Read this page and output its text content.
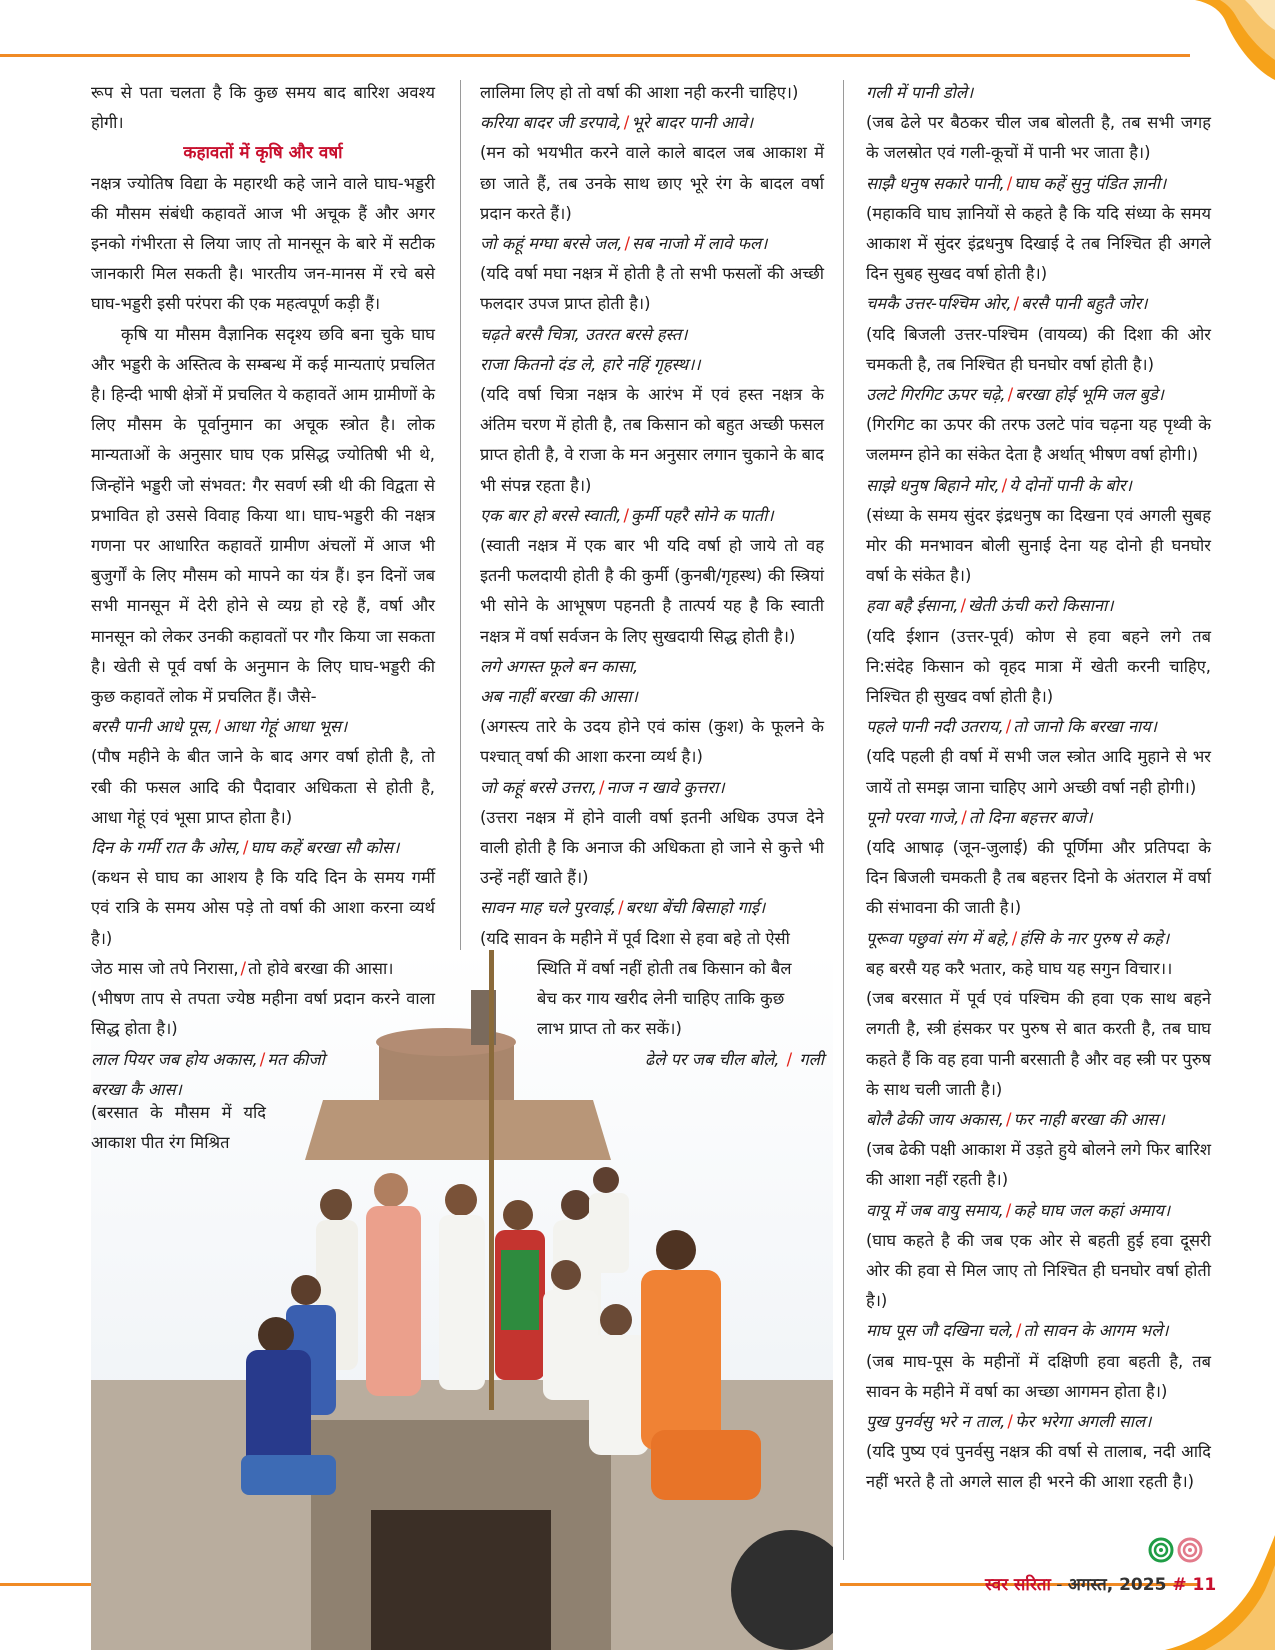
रूप से पता चलता है कि कुछ समय बाद बारिश अवश्य होगी।

कहावतों में कृषि और वर्षा

नक्षत्र ज्योतिष विद्या के महारथी कहे जाने वाले घाघ-भड्डरी की मौसम संबंधी कहावतें आज भी अचूक हैं और अगर इनको गंभीरता से लिया जाए तो मानसून के बारे में सटीक जानकारी मिल सकती है। भारतीय जन-मानस में रचे बसे घाघ-भड्डरी इसी परंपरा की एक महत्वपूर्ण कड़ी हैं।

कृषि या मौसम वैज्ञानिक सदृश्य छवि बना चुके घाघ और भड्डरी के अस्तित्व के सम्बन्ध में कई मान्यताएं प्रचलित है। हिन्दी भाषी क्षेत्रों में प्रचलित ये कहावतें आम ग्रामीणों के लिए मौसम के पूर्वानुमान का अचूक स्त्रोत है। लोक मान्यताओं के अनुसार घाघ एक प्रसिद्ध ज्योतिषी भी थे, जिन्होंने भड्डरी जो संभवत: गैर सवर्ण स्त्री थी की विद्वता से प्रभावित हो उससे विवाह किया था। घाघ-भड्डरी की नक्षत्र गणना पर आधारित कहावतें ग्रामीण अंचलों में आज भी बुजुर्गों के लिए मौसम को मापने का यंत्र हैं। इन दिनों जब सभी मानसून में देरी होने से व्यग्र हो रहे हैं, वर्षा और मानसून को लेकर उनकी कहावतों पर गौर किया जा सकता है। खेती से पूर्व वर्षा के अनुमान के लिए घाघ-भड्डरी की कुछ कहावतें लोक में प्रचलित हैं। जैसे-

बरसै पानी आधे पूस, / आधा गेहूं आधा भूस।

(पौष महीने के बीत जाने के बाद अगर वर्षा होती है, तो रबी की फसल आदि की पैदावार अधिकता से होती है, आधा गेहूं एवं भूसा प्राप्त होता है।)

दिन के गर्मी रात कै ओस, / घाघ कहें बरखा सौ कोस।

(कथन से घाघ का आशय है कि यदि दिन के समय गर्मी एवं रात्रि के समय ओस पड़े तो वर्षा की आशा करना व्यर्थ है।)

जेठ मास जो तपे निरासा, / तो होवे बरखा की आसा।

(भीषण ताप से तपता ज्येष्ठ महीना वर्षा प्रदान करने वाला सिद्ध होता है।)

लाल पियर जब होय अकास, / मत कीजो

बरखा कै आस।

(बरसात के मौसम में यदि आकाश पीत रंग मिश्रित

लालिमा लिए हो तो वर्षा की आशा नही करनी चाहिए।)

करिया बादर जी डरपावे, / भूरे बादर पानी आवे।

(मन को भयभीत करने वाले काले बादल जब आकाश में छा जाते हैं, तब उनके साथ छाए भूरे रंग के बादल वर्षा प्रदान करते हैं।)

जो कहूं मग्घा बरसे जल, / सब नाजो में लावे फल।

(यदि वर्षा मघा नक्षत्र में होती है तो सभी फसलों की अच्छी फलदार उपज प्राप्त होती है।)

चढ़ते बरसै चित्रा, उतरत बरसे हस्त।

राजा कितनो दंड ले, हारे नहिं गृहस्थ।।

(यदि वर्षा चित्रा नक्षत्र के आरंभ में एवं हस्त नक्षत्र के अंतिम चरण में होती है, तब किसान को बहुत अच्छी फसल प्राप्त होती है, वे राजा के मन अनुसार लगान चुकाने के बाद भी संपन्न रहता है।)

एक बार हो बरसे स्वाती, / कुर्मी पहरै सोने क पाती।

(स्वाती नक्षत्र में एक बार भी यदि वर्षा हो जाये तो वह इतनी फलदायी होती है की कुर्मी (कुनबी/गृहस्थ) की स्त्रियां भी सोने के आभूषण पहनती है तात्पर्य यह है कि स्वाती नक्षत्र में वर्षा सर्वजन के लिए सुखदायी सिद्ध होती है।)

लगे अगस्त फूले बन कासा,

अब नाहीं बरखा की आसा।

(अगस्त्य तारे के उदय होने एवं कांस (कुश) के फूलने के पश्चात् वर्षा की आशा करना व्यर्थ है।)

जो कहूं बरसे उत्तरा, / नाज न खावे कुत्तरा।

(उत्तरा नक्षत्र में होने वाली वर्षा इतनी अधिक उपज देने वाली होती है कि अनाज की अधिकता हो जाने से कुत्ते भी उन्हें नहीं खाते हैं।)

सावन माह चले पुरवाई, / बरधा बेंची बिसाहो गाई।

(यदि सावन के महीने में पूर्व दिशा से हवा बहे तो ऐसी

स्थिति में वर्षा नहीं होती तब किसान को बैल

बेच कर गाय खरीद लेनी चाहिए ताकि कुछ

लाभ प्राप्त तो कर सकें।)

ढेले पर जब चील बोले, / गली

गली में पानी डोले।

(जब ढेले पर बैठकर चील जब बोलती है, तब सभी जगह के जलस्रोत एवं गली-कूचों में पानी भर जाता है।)

साझै धनुष सकारे पानी, / घाघ कहें सुनु पंडित ज्ञानी।

(महाकवि घाघ ज्ञानियों से कहते है कि यदि संध्या के समय आकाश में सुंदर इंद्रधनुष दिखाई दे तब निश्चित ही अगले दिन सुबह सुखद वर्षा होती है।)

चमकै उत्तर-पश्चिम ओर, / बरसै पानी बहुतै जोर।

(यदि बिजली उत्तर-पश्चिम (वायव्य) की दिशा की ओर चमकती है, तब निश्चित ही घनघोर वर्षा होती है।)

उलटे गिरगिट ऊपर चढ़े, / बरखा होई भूमि जल बुडे।

(गिरगिट का ऊपर की तरफ उलटे पांव चढ़ना यह पृथ्वी के जलमग्न होने का संकेत देता है अर्थात् भीषण वर्षा होगी।)

साझे धनुष बिहाने मोर, / ये दोनों पानी के बोर।

(संध्या के समय सुंदर इंद्रधनुष का दिखना एवं अगली सुबह मोर की मनभावन बोली सुनाई देना यह दोनो ही घनघोर वर्षा के संकेत है।)

हवा बहै ईसाना, / खेती ऊंची करो किसाना।

(यदि ईशान (उत्तर-पूर्व) कोण से हवा बहने लगे तब नि:संदेह किसान को वृहद मात्रा में खेती करनी चाहिए, निश्चित ही सुखद वर्षा होती है।)

पहले पानी नदी उतराय, / तो जानो कि बरखा नाय।

(यदि पहली ही वर्षा में सभी जल स्त्रोत आदि मुहाने से भर जायें तो समझ जाना चाहिए आगे अच्छी वर्षा नही होगी।)

पूनो परवा गाजे, / तो दिना बहत्तर बाजे।

(यदि आषाढ़ (जून-जुलाई) की पूर्णिमा और प्रतिपदा के दिन बिजली चमकती है तब बहत्तर दिनो के अंतराल में वर्षा की संभावना की जाती है।)

पूरूवा पछुवां संग में बहे, / हंसि के नार पुरुष से कहे।

बह बरसै यह करै भतार, कहे घाघ यह सगुन विचार।।

(जब बरसात में पूर्व एवं पश्चिम की हवा एक साथ बहने लगती है, स्त्री हंसकर पर पुरुष से बात करती है, तब घाघ कहते हैं कि वह हवा पानी बरसाती है और वह स्त्री पर पुरुष के साथ चली जाती है।)

बोलै ढेकी जाय अकास, / फर नाही बरखा की आस।

(जब ढेकी पक्षी आकाश में उड़ते हुये बोलने लगे फिर बारिश की आशा नहीं रहती है।)

वायू में जब वायु समाय, / कहे घाघ जल कहां अमाय।

(घाघ कहते है की जब एक ओर से बहती हुई हवा दूसरी ओर की हवा से मिल जाए तो निश्चित ही घनघोर वर्षा होती है।)

माघ पूस जौ दखिना चले, / तो सावन के आगम भले।

(जब माघ-पूस के महीनों में दक्षिणी हवा बहती है, तब सावन के महीने में वर्षा का अच्छा आगमन होता है।)

पुख पुनर्वसु भरे न ताल, / फेर भरेगा अगली साल।

(यदि पुष्य एवं पुनर्वसु नक्षत्र की वर्षा से तालाब, नदी आदि नहीं भरते है तो अगले साल ही भरने की आशा रहती है।)

स्वर सरिता - अगस्त, 2025 # 11
